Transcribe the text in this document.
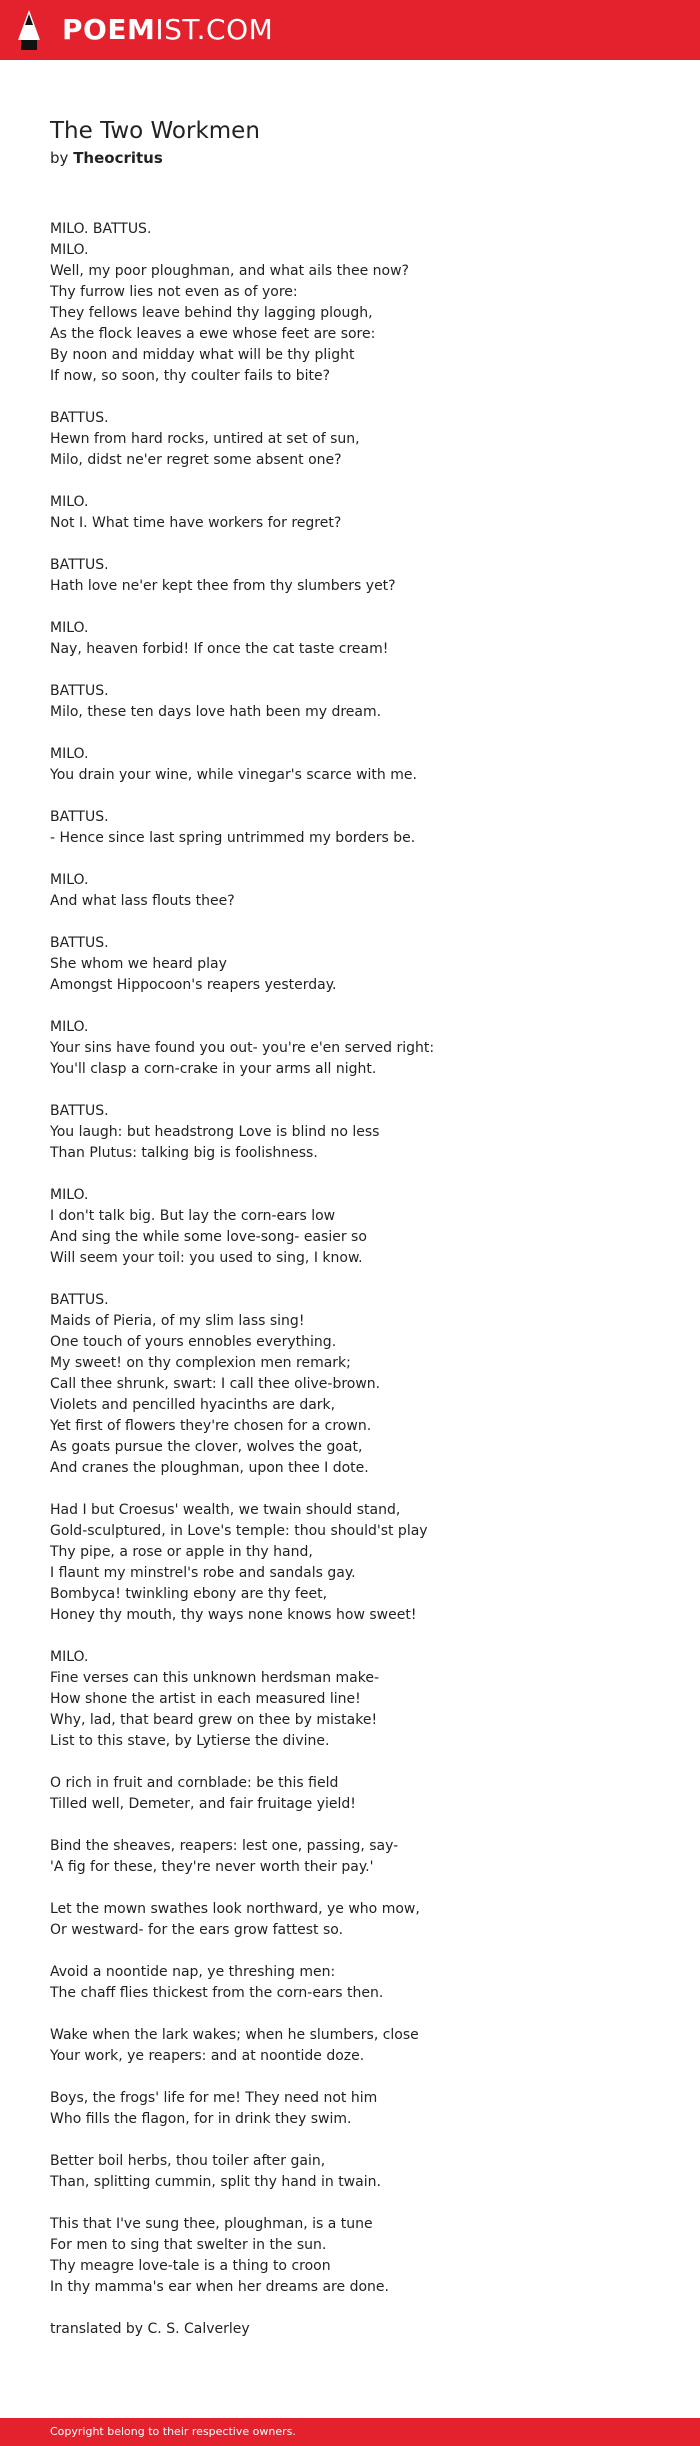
POEMIST.COM
The Two Workmen
by Theocritus
MILO. BATTUS.
MILO.
Well, my poor ploughman, and what ails thee now?
Thy furrow lies not even as of yore:
They fellows leave behind thy lagging plough,
As the flock leaves a ewe whose feet are sore:
By noon and midday what will be thy plight
If now, so soon, thy coulter fails to bite?
BATTUS.
Hewn from hard rocks, untired at set of sun,
Milo, didst ne'er regret some absent one?
MILO.
Not I. What time have workers for regret?
BATTUS.
Hath love ne'er kept thee from thy slumbers yet?
MILO.
Nay, heaven forbid! If once the cat taste cream!
BATTUS.
Milo, these ten days love hath been my dream.
MILO.
You drain your wine, while vinegar's scarce with me.
BATTUS.
- Hence since last spring untrimmed my borders be.
MILO.
And what lass flouts thee?
BATTUS.
She whom we heard play
Amongst Hippocoon's reapers yesterday.
MILO.
Your sins have found you out- you're e'en served right:
You'll clasp a corn-crake in your arms all night.
BATTUS.
You laugh: but headstrong Love is blind no less
Than Plutus: talking big is foolishness.
MILO.
I don't talk big. But lay the corn-ears low
And sing the while some love-song- easier so
Will seem your toil: you used to sing, I know.
BATTUS.
Maids of Pieria, of my slim lass sing!
One touch of yours ennobles everything.
My sweet! on thy complexion men remark;
Call thee shrunk, swart: I call thee olive-brown.
Violets and pencilled hyacinths are dark,
Yet first of flowers they're chosen for a crown.
As goats pursue the clover, wolves the goat,
And cranes the ploughman, upon thee I dote.
Had I but Croesus' wealth, we twain should stand,
Gold-sculptured, in Love's temple: thou should'st play
Thy pipe, a rose or apple in thy hand,
I flaunt my minstrel's robe and sandals gay.
Bombyca! twinkling ebony are thy feet,
Honey thy mouth, thy ways none knows how sweet!
MILO.
Fine verses can this unknown herdsman make-
How shone the artist in each measured line!
Why, lad, that beard grew on thee by mistake!
List to this stave, by Lytierse the divine.
O rich in fruit and cornblade: be this field
Tilled well, Demeter, and fair fruitage yield!
Bind the sheaves, reapers: lest one, passing, say-
'A fig for these, they're never worth their pay.'
Let the mown swathes look northward, ye who mow,
Or westward- for the ears grow fattest so.
Avoid a noontide nap, ye threshing men:
The chaff flies thickest from the corn-ears then.
Wake when the lark wakes; when he slumbers, close
Your work, ye reapers: and at noontide doze.
Boys, the frogs' life for me! They need not him
Who fills the flagon, for in drink they swim.
Better boil herbs, thou toiler after gain,
Than, splitting cummin, split thy hand in twain.
This that I've sung thee, ploughman, is a tune
For men to sing that swelter in the sun.
Thy meagre love-tale is a thing to croon
In thy mamma's ear when her dreams are done.
translated by C. S. Calverley
Copyright belong to their respective owners.
